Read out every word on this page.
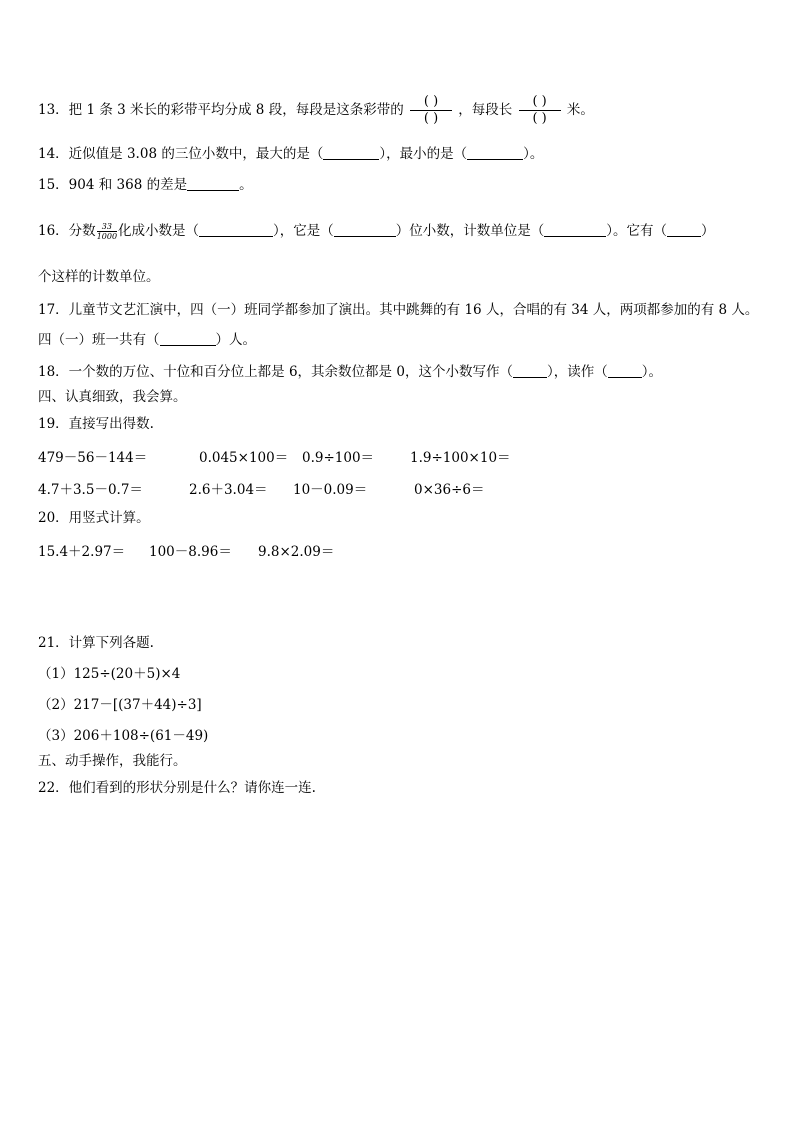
13．把 1 条 3 米长的彩带平均分成 8 段，每段是这条彩带的 $\frac{( )}{( )}$ ，每段长 $\frac{( )}{( )}$ 米。
14．近似值是 3.08 的三位小数中，最大的是（	），最小的是（	）。
15．904 和 368 的差是	。
16．分数 $\frac{33}{1000}$ 化成小数是（	），它是（	）位小数，计数单位是（	）。它有（	）
个这样的计数单位。
17．儿童节文艺汇演中，四（一）班同学都参加了演出。其中跳舞的有 16 人，合唱的有 34 人，两项都参加的有 8 人。
四（一）班一共有（	）人。
18．一个数的万位、十位和百分位上都是 6，其余数位都是 0，这个小数写作（	），读作（	）。
四、认真细致，我会算。
19．直接写出得数.
479－56－144＝	0.045×100＝ 0.9÷100＝	1.9÷100×10＝
4.7＋3.5－0.7＝	2.6＋3.04＝ 10－0.09＝	0×36÷6＝
20．用竖式计算。
15.4＋2.97＝ 100－8.96＝ 9.8×2.09＝
21．计算下列各题.
（1）125÷(20＋5)×4
（2）217－[(37＋44)÷3]
（3）206＋108÷(61－49)
五、动手操作，我能行。
22．他们看到的形状分别是什么？请你连一连.
